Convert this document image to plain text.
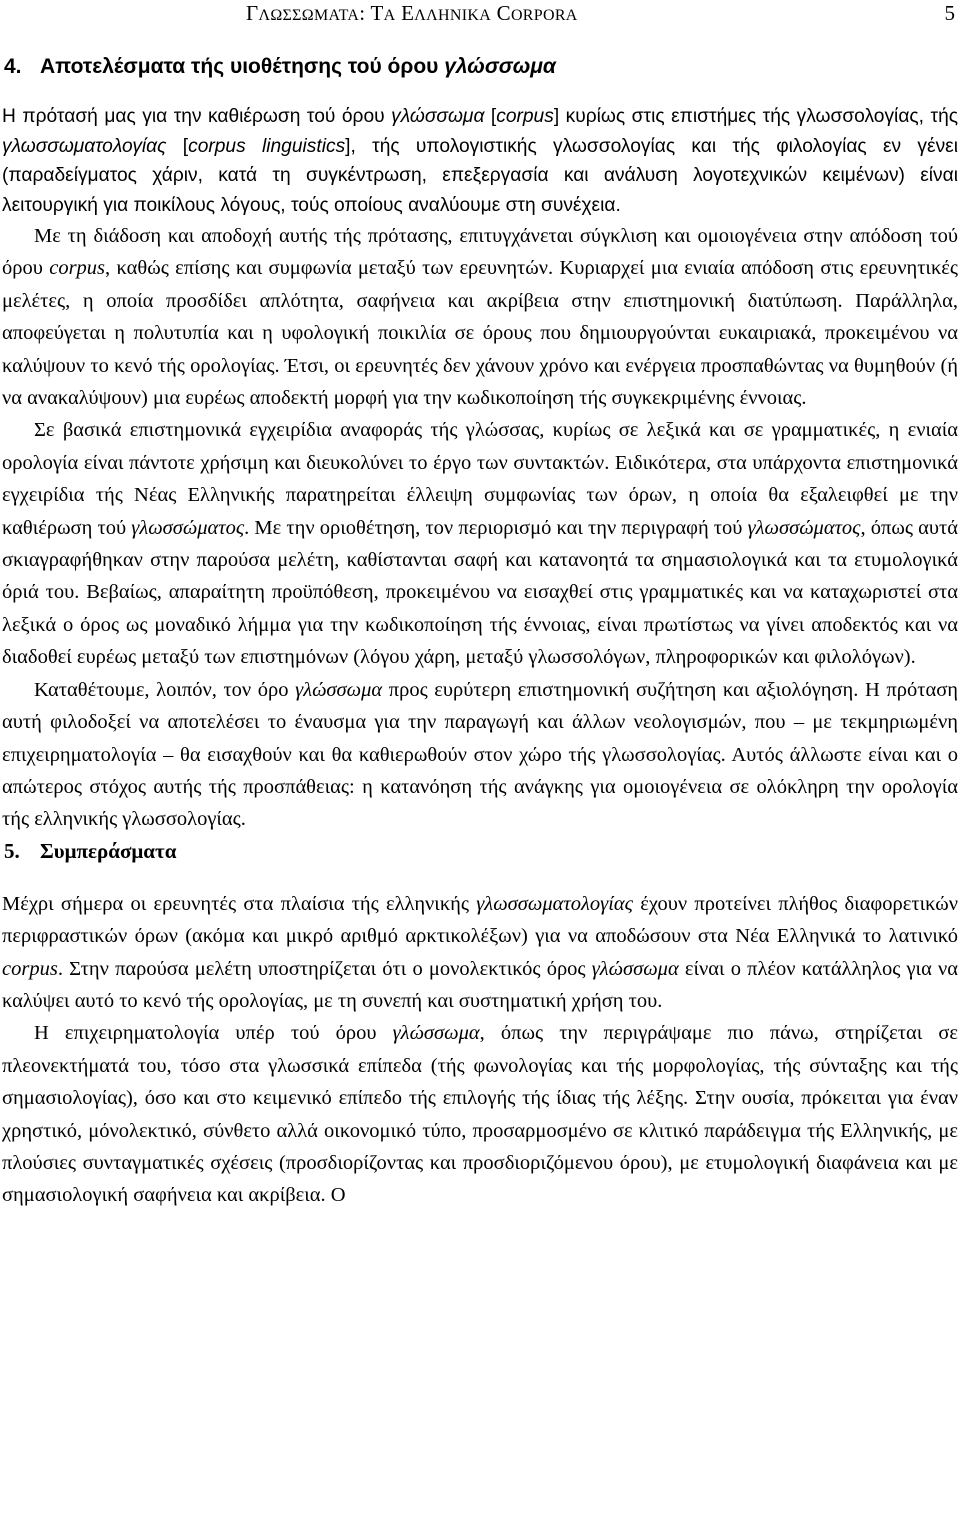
ΓΛΩΣΣΩΜΑΤΑ: ΤΑ ΕΛΛΗΝΙΚΑ CORPORA	5
4. Αποτελέσματα τής υιοθέτησης τού όρου γλώσσωμα

Η πρότασή μας για την καθιέρωση τού όρου γλώσσωμα [corpus] κυρίως στις επιστήμες τής γλωσσολογίας, τής γλωσσωματολογίας [corpus linguistics], τής υπολογιστικής γλωσσολογίας και τής φιλολογίας εν γένει (παραδείγματος χάριν, κατά τη συγκέντρωση, επεξεργασία και ανάλυση λογοτεχνικών κειμένων) είναι λειτουργική για ποικίλους λόγους, τούς οποίους αναλύουμε στη συνέχεια.

Με τη διάδοση και αποδοχή αυτής τής πρότασης, επιτυγχάνεται σύγκλιση και ομοιογένεια στην απόδοση τού όρου corpus, καθώς επίσης και συμφωνία μεταξύ των ερευνητών. Κυριαρχεί μια ενιαία απόδοση στις ερευνητικές μελέτες, η οποία προσδίδει απλότητα, σαφήνεια και ακρίβεια στην επιστημονική διατύπωση. Παράλληλα, αποφεύγεται η πολυτυπία και η υφολογική ποικιλία σε όρους που δημιουργούνται ευκαιριακά, προκειμένου να καλύψουν το κενό τής ορολογίας. Έτσι, οι ερευνητές δεν χάνουν χρόνο και ενέργεια προσπαθώντας να θυμηθούν (ή να ανακαλύψουν) μια ευρέως αποδεκτή μορφή για την κωδικοποίηση τής συγκεκριμένης έννοιας.

Σε βασικά επιστημονικά εγχειρίδια αναφοράς τής γλώσσας, κυρίως σε λεξικά και σε γραμματικές, η ενιαία ορολογία είναι πάντοτε χρήσιμη και διευκολύνει το έργο των συντακτών. Ειδικότερα, στα υπάρχοντα επιστημονικά εγχειρίδια τής Νέας Ελληνικής παρατηρείται έλλειψη συμφωνίας των όρων, η οποία θα εξαλειφθεί με την καθιέρωση τού γλωσσώματος. Με την οριοθέτηση, τον περιορισμό και την περιγραφή τού γλωσσώματος, όπως αυτά σκιαγραφήθηκαν στην παρούσα μελέτη, καθίστανται σαφή και κατανοητά τα σημασιολογικά και τα ετυμολογικά όριά του. Βεβαίως, απαραίτητη προϋπόθεση, προκειμένου να εισαχθεί στις γραμματικές και να καταχωριστεί στα λεξικά ο όρος ως μοναδικό λήμμα για την κωδικοποίηση τής έννοιας, είναι πρωτίστως να γίνει αποδεκτός και να διαδοθεί ευρέως μεταξύ των επιστημόνων (λόγου χάρη, μεταξύ γλωσσολόγων, πληροφορικών και φιλολόγων).

Καταθέτουμε, λοιπόν, τον όρο γλώσσωμα προς ευρύτερη επιστημονική συζήτηση και αξιολόγηση. Η πρόταση αυτή φιλοδοξεί να αποτελέσει το έναυσμα για την παραγωγή και άλλων νεολογισμών, που – με τεκμηριωμένη επιχειρηματολογία – θα εισαχθούν και θα καθιερωθούν στον χώρο τής γλωσσολογίας. Αυτός άλλωστε είναι και ο απώτερος στόχος αυτής τής προσπάθειας: η κατανόηση τής ανάγκης για ομοιογένεια σε ολόκληρη την ορολογία τής ελληνικής γλωσσολογίας.

5. Συμπεράσματα

Μέχρι σήμερα οι ερευνητές στα πλαίσια τής ελληνικής γλωσσωματολογίας έχουν προτείνει πλήθος διαφορετικών περιφραστικών όρων (ακόμα και μικρό αριθμό αρκτικολέξων) για να αποδώσουν στα Νέα Ελληνικά το λατινικό corpus. Στην παρούσα μελέτη υποστηρίζεται ότι ο μονολεκτικός όρος γλώσσωμα είναι ο πλέον κατάλληλος για να καλύψει αυτό το κενό τής ορολογίας, με τη συνεπή και συστηματική χρήση του.

Η επιχειρηματολογία υπέρ τού όρου γλώσσωμα, όπως την περιγράψαμε πιο πάνω, στηρίζεται σε πλεονεκτήματά του, τόσο στα γλωσσικά επίπεδα (τής φωνολογίας και τής μορφολογίας, τής σύνταξης και τής σημασιολογίας), όσο και στο κειμενικό επίπεδο τής επιλογής τής ίδιας τής λέξης. Στην ουσία, πρόκειται για έναν χρηστικό, μόνολεκτικό, σύνθετο αλλά οικονομικό τύπο, προσαρμοσμένο σε κλιτικό παράδειγμα τής Ελληνικής, με πλούσιες συνταγματικές σχέσεις (προσδιορίζοντας και προσδιοριζόμενου όρου), με ετυμολογική διαφάνεια και με σημασιολογική σαφήνεια και ακρίβεια. Ο
